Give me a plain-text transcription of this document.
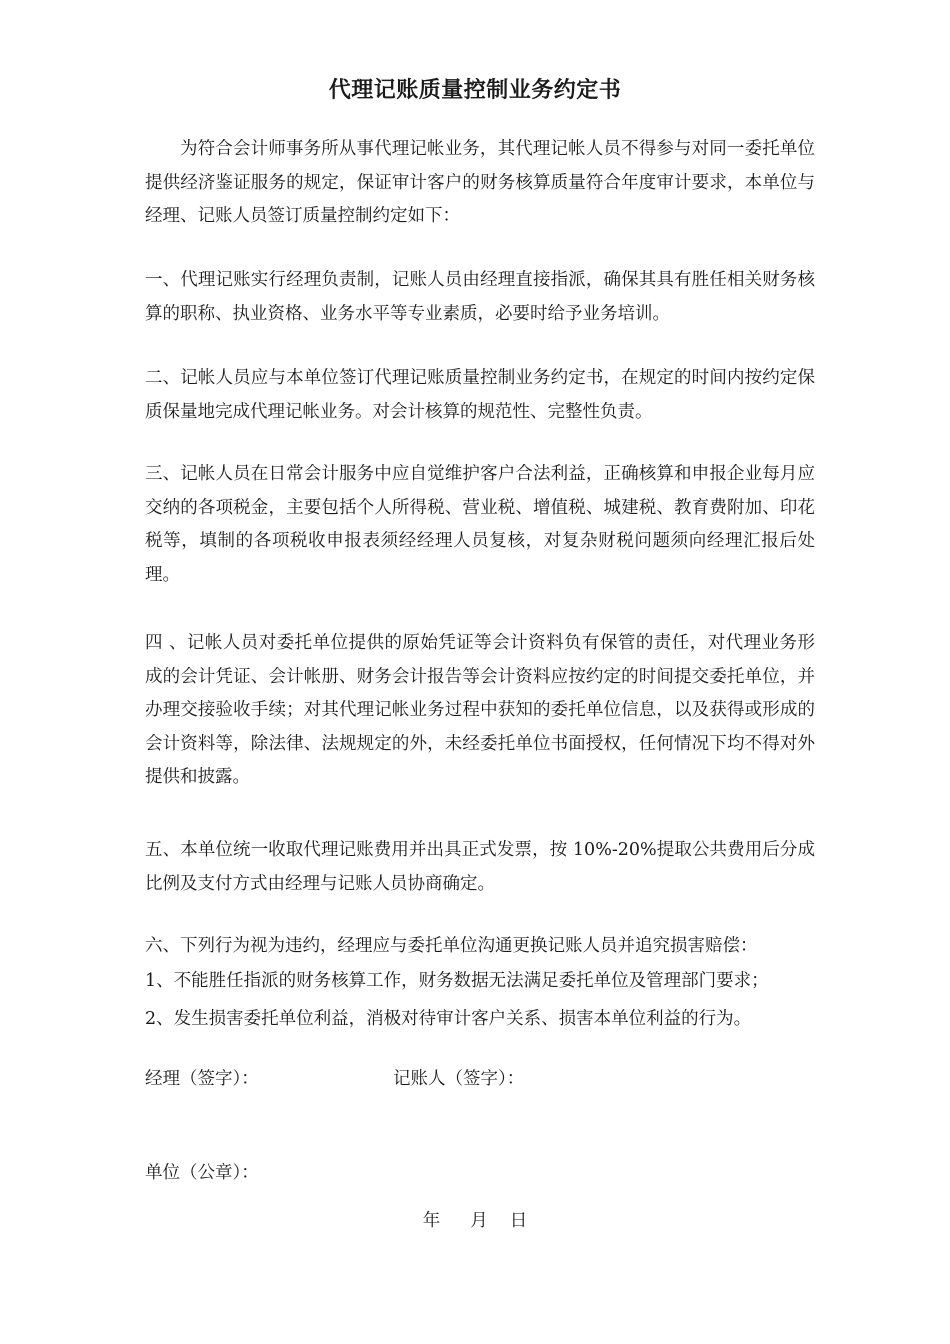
代理记账质量控制业务约定书
为符合会计师事务所从事代理记帐业务，其代理记帐人员不得参与对同一委托单位提供经济鉴证服务的规定，保证审计客户的财务核算质量符合年度审计要求，本单位与经理、记账人员签订质量控制约定如下：
一、代理记账实行经理负责制，记账人员由经理直接指派，确保其具有胜任相关财务核算的职称、执业资格、业务水平等专业素质，必要时给予业务培训。
二、记帐人员应与本单位签订代理记账质量控制业务约定书，在规定的时间内按约定保质保量地完成代理记帐业务。对会计核算的规范性、完整性负责。
三、记帐人员在日常会计服务中应自觉维护客户合法利益，正确核算和申报企业每月应交纳的各项税金，主要包括个人所得税、营业税、增值税、城建税、教育费附加、印花税等，填制的各项税收申报表须经经理人员复核，对复杂财税问题须向经理汇报后处理。
四 、记帐人员对委托单位提供的原始凭证等会计资料负有保管的责任，对代理业务形成的会计凭证、会计帐册、财务会计报告等会计资料应按约定的时间提交委托单位，并办理交接验收手续；对其代理记帐业务过程中获知的委托单位信息，以及获得或形成的会计资料等，除法律、法规规定的外，未经委托单位书面授权，任何情况下均不得对外提供和披露。
五、本单位统一收取代理记账费用并出具正式发票，按 10%-20%提取公共费用后分成比例及支付方式由经理与记账人员协商确定。
六、下列行为视为违约，经理应与委托单位沟通更换记账人员并追究损害赔偿：
1、不能胜任指派的财务核算工作，财务数据无法满足委托单位及管理部门要求；
2、发生损害委托单位利益，消极对待审计客户关系、损害本单位利益的行为。
经理（签字）：	记账人（签字）：
单位（公章）：
年 月 日
